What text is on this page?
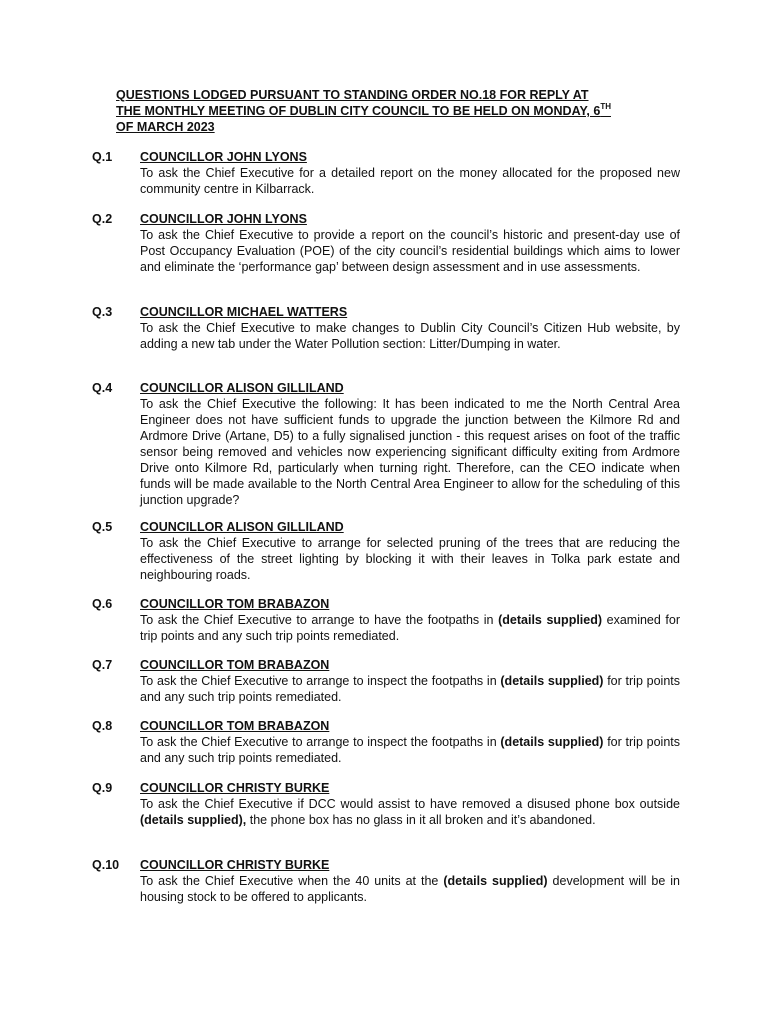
QUESTIONS LODGED PURSUANT TO STANDING ORDER NO.18 FOR REPLY AT
THE MONTHLY MEETING OF DUBLIN CITY COUNCIL TO BE HELD ON MONDAY, 6TH
OF MARCH 2023
Q.1 COUNCILLOR JOHN LYONS
To ask the Chief Executive for a detailed report on the money allocated for the proposed new community centre in Kilbarrack.
Q.2 COUNCILLOR JOHN LYONS
To ask the Chief Executive to provide a report on the council’s historic and present-day use of Post Occupancy Evaluation (POE) of the city council’s residential buildings which aims to lower and eliminate the ‘performance gap’ between design assessment and in use assessments.
Q.3 COUNCILLOR MICHAEL WATTERS
To ask the Chief Executive to make changes to Dublin City Council’s Citizen Hub website, by adding a new tab under the Water Pollution section: Litter/Dumping in water.
Q.4 COUNCILLOR ALISON GILLILAND
To ask the Chief Executive the following: It has been indicated to me the North Central Area Engineer does not have sufficient funds to upgrade the junction between the Kilmore Rd and Ardmore Drive (Artane, D5) to a fully signalised junction - this request arises on foot of the traffic sensor being removed and vehicles now experiencing significant difficulty exiting from Ardmore Drive onto Kilmore Rd, particularly when turning right. Therefore, can the CEO indicate when funds will be made available to the North Central Area Engineer to allow for the scheduling of this junction upgrade?
Q.5 COUNCILLOR ALISON GILLILAND
To ask the Chief Executive to arrange for selected pruning of the trees that are reducing the effectiveness of the street lighting by blocking it with their leaves in Tolka park estate and neighbouring roads.
Q.6 COUNCILLOR TOM BRABAZON
To ask the Chief Executive to arrange to have the footpaths in (details supplied) examined for trip points and any such trip points remediated.
Q.7 COUNCILLOR TOM BRABAZON
To ask the Chief Executive to arrange to inspect the footpaths in (details supplied) for trip points and any such trip points remediated.
Q.8 COUNCILLOR TOM BRABAZON
To ask the Chief Executive to arrange to inspect the footpaths in (details supplied) for trip points and any such trip points remediated.
Q.9 COUNCILLOR CHRISTY BURKE
To ask the Chief Executive if DCC would assist to have removed a disused phone box outside (details supplied), the phone box has no glass in it all broken and it’s abandoned.
Q.10 COUNCILLOR CHRISTY BURKE
To ask the Chief Executive when the 40 units at the (details supplied) development will be in housing stock to be offered to applicants.
